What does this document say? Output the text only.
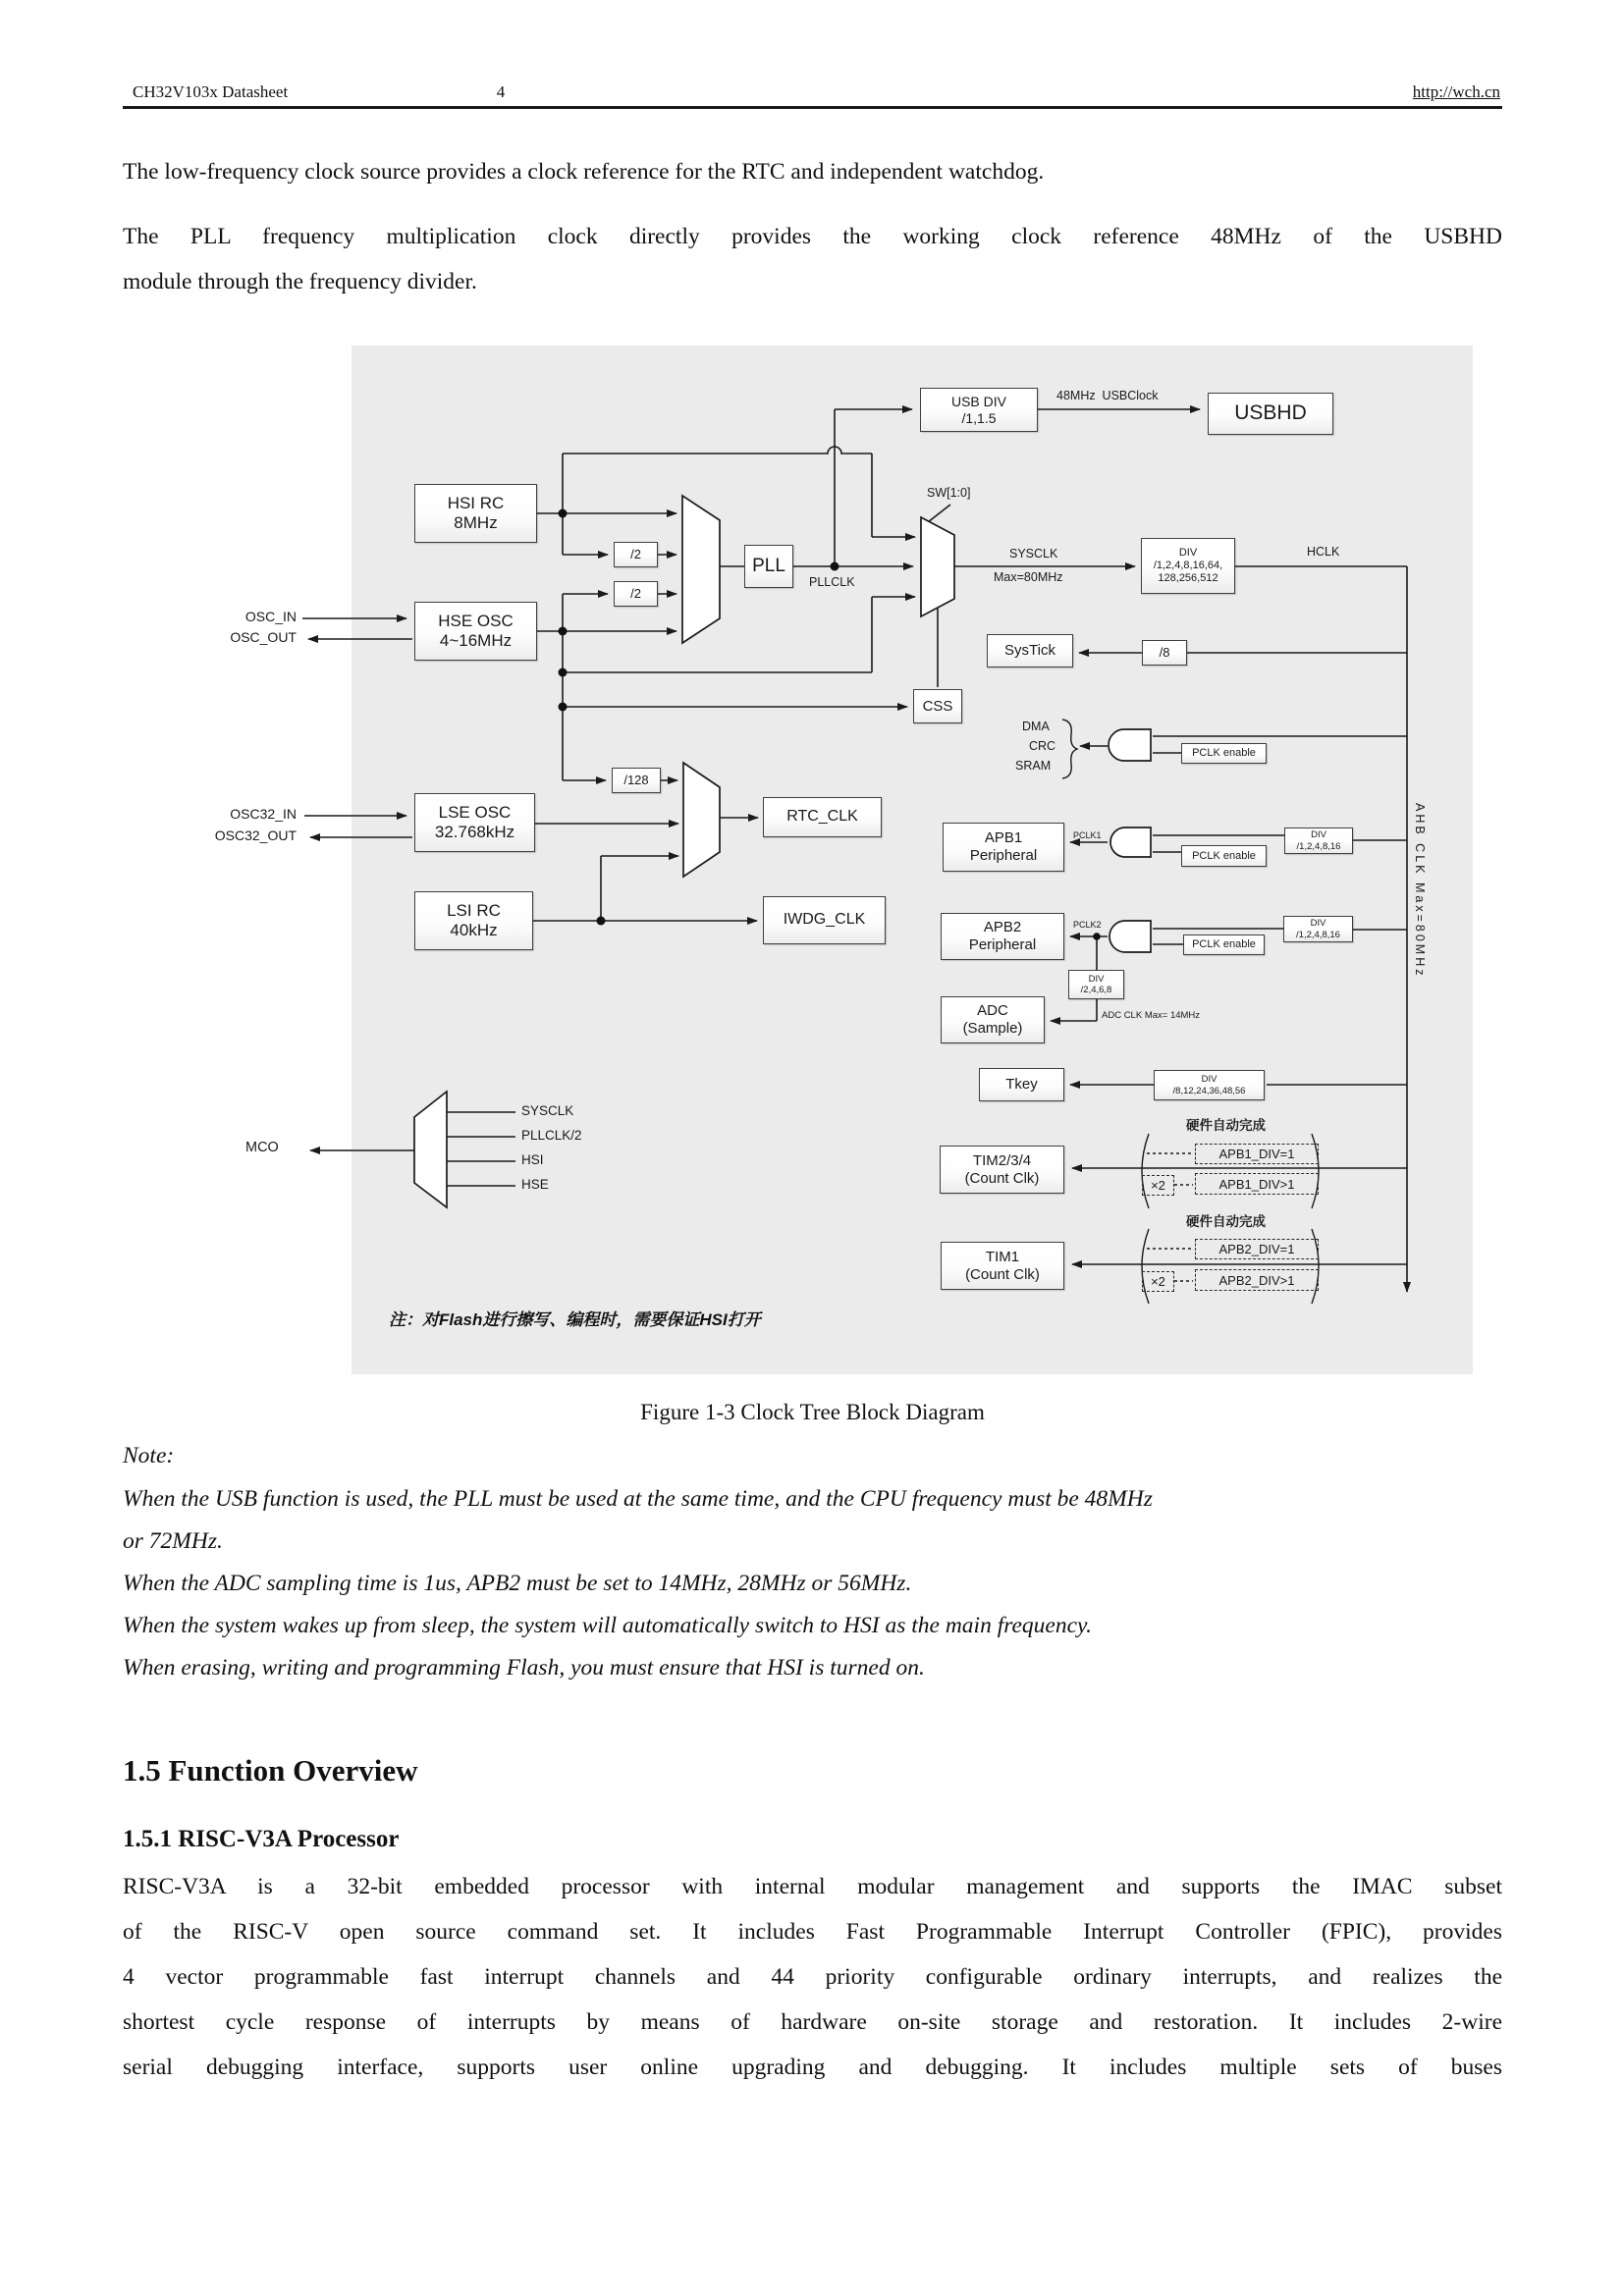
CH32V103x Datasheet	4	http://wch.cn
The low-frequency clock source provides a clock reference for the RTC and independent watchdog.
The PLL frequency multiplication clock directly provides the working clock reference 48MHz of the USBHD
module through the frequency divider.
USB DIV
/1,1.5	USBHD
HSI RC
8MHz
HSE OSC
4~16MHz
/2
/2
PLL
DIV
/1,2,4,8,16,64,
128,256,512
/8
SysTick
CSS
/128
RTC_CLK
LSE OSC
32.768kHz
LSI RC
40kHz
IWDG_CLK
APB1
Peripheral
PCLK enable
PCLK enable
DIV
/1,2,4,8,16
APB2
Peripheral	PCLK enable
DIV
/1,2,4,8,16
DIV
/2,4,6,8
ADC
(Sample)
Tkey	DIV
/8,12,24,36,48,56
TIM2/3/4
(Count Clk)
TIM1
(Count Clk)
APB1_DIV=1
×2	APB1_DIV>1
APB2_DIV=1
×2	APB2_DIV>1
SW[1:0]
48MHz  USBClock
PLLCLK
SYSCLK
Max=80MHz
HCLK
DMA
CRC
SRAM
PCLK1
PCLK2
ADC CLK Max= 14MHz
硬件自动完成
硬件自动完成
AHB CLK Max=80MHz
SYSCLK
PLLCLK/2
HSI
HSE
MCO
OSC_IN
OSC_OUT
OSC32_IN
OSC32_OUT
注：对Flash进行擦写、编程时，需要保证HSI打开
Figure 1-3 Clock Tree Block Diagram
Note:
When the USB function is used, the PLL must be used at the same time, and the CPU frequency must be 48MHz
or 72MHz.
When the ADC sampling time is 1us, APB2 must be set to 14MHz, 28MHz or 56MHz.
When the system wakes up from sleep, the system will automatically switch to HSI as the main frequency.
When erasing, writing and programming Flash, you must ensure that HSI is turned on.
1.5 Function Overview
1.5.1 RISC-V3A Processor
RISC-V3A is a 32-bit embedded processor with internal modular management and supports the IMAC subset
of the RISC-V open source command set. It includes Fast Programmable Interrupt Controller (FPIC), provides
4 vector programmable fast interrupt channels and 44 priority configurable ordinary interrupts, and realizes the
shortest cycle response of interrupts by means of hardware on-site storage and restoration. It includes 2-wire
serial debugging interface, supports user online upgrading and debugging. It includes multiple sets of buses
